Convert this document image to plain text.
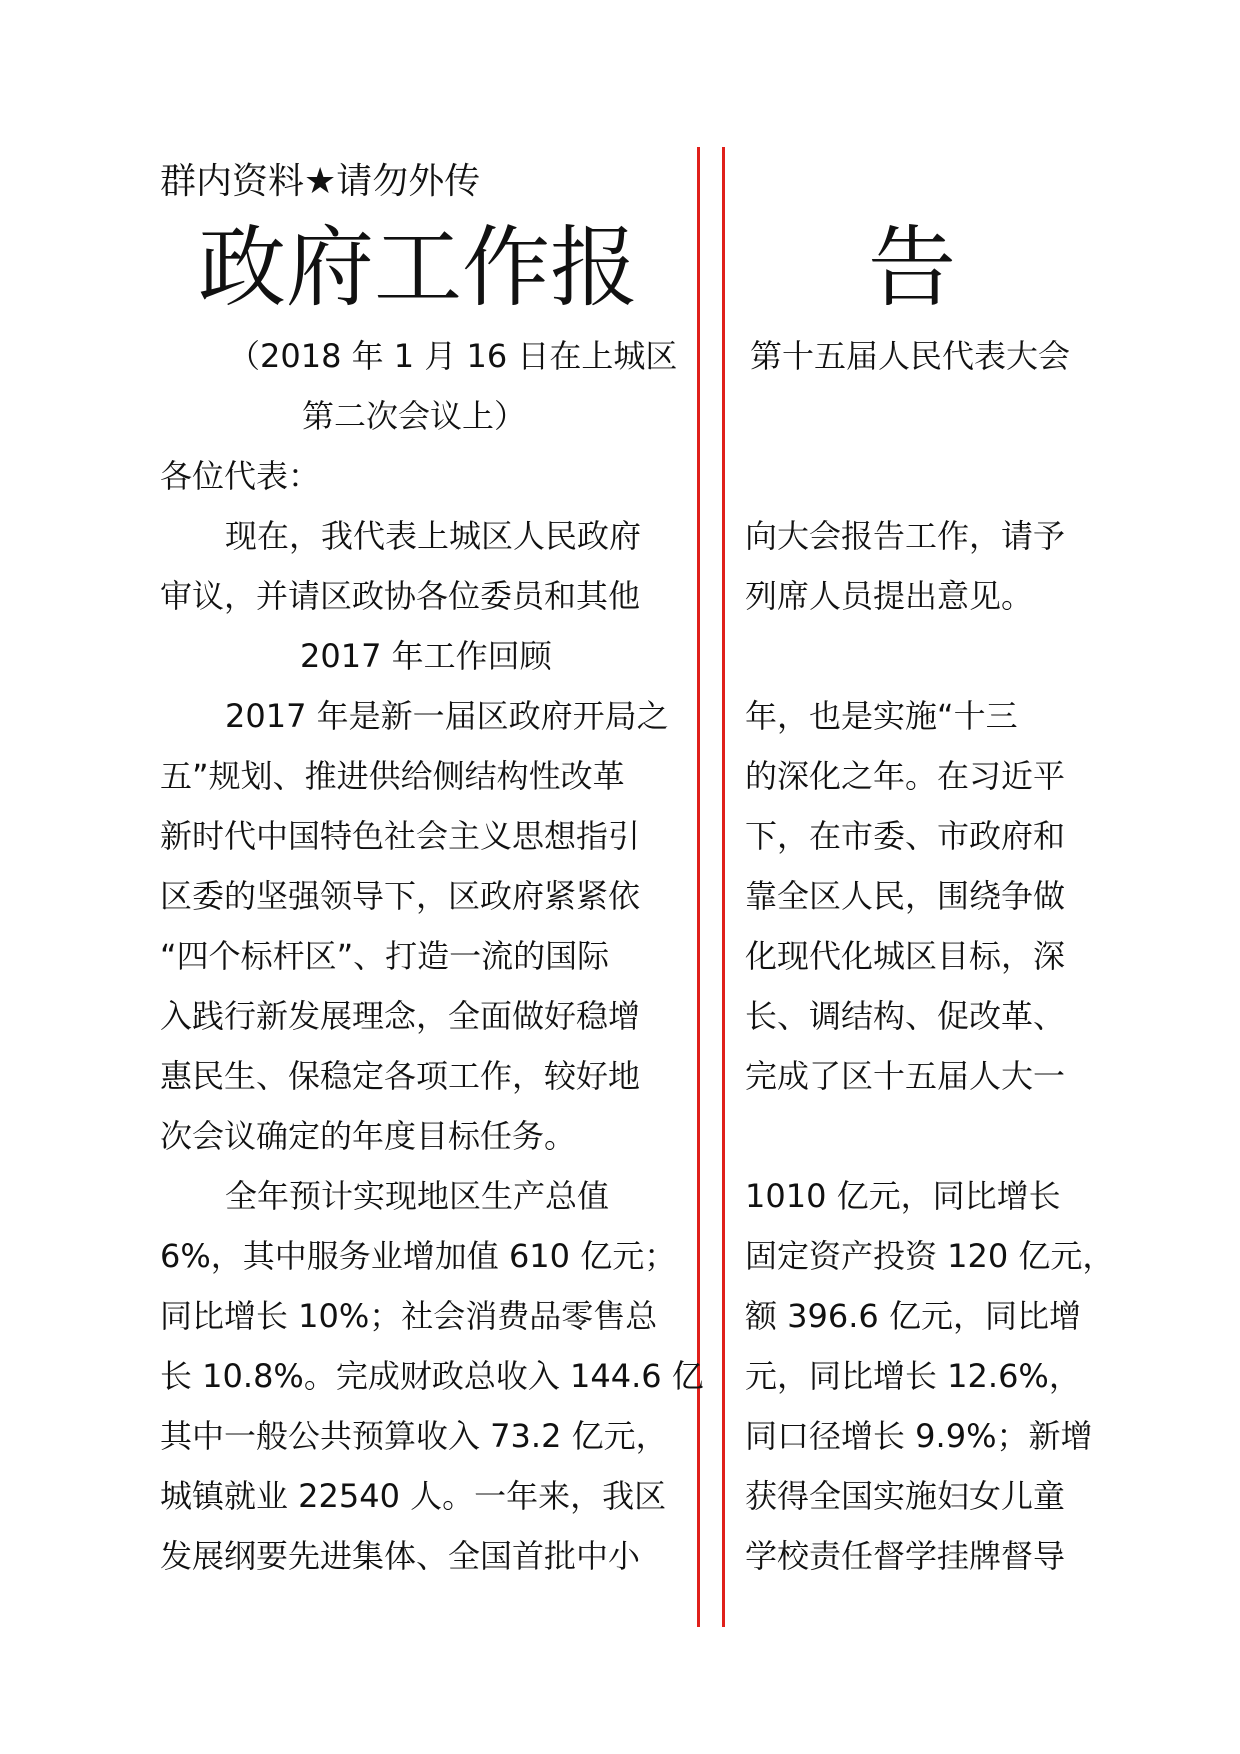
群内资料★请勿外传
政府工作报	告
（2018 年 1 月 16 日在上城区 第十五届人民代表大会
第二次会议上）
各位代表：
现在，我代表上城区人民政府
审议，并请区政协各位委员和其他
向大会报告工作，请予
列席人员提出意见。
2017 年工作回顾
2017 年是新一届区政府开局之
五”规划、推进供给侧结构性改革
新时代中国特色社会主义思想指引
区委的坚强领导下，区政府紧紧依
“四个标杆区”、打造一流的国际
入践行新发展理念，全面做好稳增
惠民生、保稳定各项工作，较好地
次会议确定的年度目标任务。
年，也是实施“十三
的深化之年。在习近平
下，在市委、市政府和
靠全区人民，围绕争做
化现代化城区目标，深
长、调结构、促改革、
完成了区十五届人大一
全年预计实现地区生产总值
6%，其中服务业增加值 610 亿元；
同比增长 10%；社会消费品零售总
长 10.8%。完成财政总收入 144.6 亿
其中一般公共预算收入 73.2 亿元，
城镇就业 22540 人。一年来，我区
发展纲要先进集体、全国首批中小
1010 亿元，同比增长
固定资产投资 120 亿元，
额 396.6 亿元，同比增
元，同比增长 12.6%，
同口径增长 9.9%；新增
获得全国实施妇女儿童
学校责任督学挂牌督导
